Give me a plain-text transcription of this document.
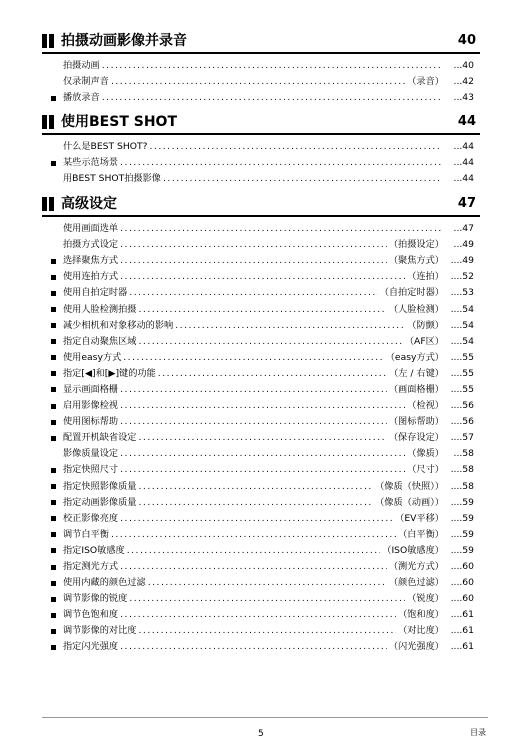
拍摄动画影像并录音	40
拍摄动画 .....	...40
仅录制声音 .....	（录音）	...42
播放录音 .....	...43
使用BEST SHOT	44
什么是BEST SHOT? .....	...44
某些示范场景 .....	...44
用BEST SHOT拍摄影像 .....	...44
高级设定	47
使用画面选单 .....	...47
拍摄方式设定 .....	（拍摄设定）	...49
选择聚焦方式 .....	（聚焦方式） ....49
使用连拍方式 .....	（连拍） ....52
使用自拍定时器 .....	（自拍定时器） ....53
使用人脸检测拍摄 .....	（人脸检测） ....54
减少相机和对象移动的影响 .....	（防颤） ....54
指定自动聚焦区域 .....	（AF区） ....54
使用easy方式 .....	（easy方式） ....55
指定[◀]和[▶]键的功能 .....	（左 / 右键） ....55
显示画面格栅 .....	（画面格栅） ....55
启用影像检视 .....	（检视） ....56
使用图标帮助 .....	（图标帮助） ....56
配置开机缺省设定 .....	（保存设定） ....57
影像质量设定 .....	（像质）	...58
指定快照尺寸 .....	（尺寸） ....58
指定快照影像质量 .....	（像质（快照）） ....58
指定动画影像质量 .....	（像质（动画）） ....59
校正影像亮度 .....	（EV平移） ....59
调节白平衡 .....	（白平衡） ....59
指定ISO敏感度 .....	（ISO敏感度） ....59
指定测光方式 .....	（测光方式） ....60
使用内藏的颜色过滤 .....	（颜色过滤） ....60
调节影像的锐度 .....	（锐度） ....60
调节色饱和度 .....	（饱和度） ....61
调节影像的对比度 .....	（对比度） ....61
指定闪光强度 .....	（闪光强度） ....61
5	目录
